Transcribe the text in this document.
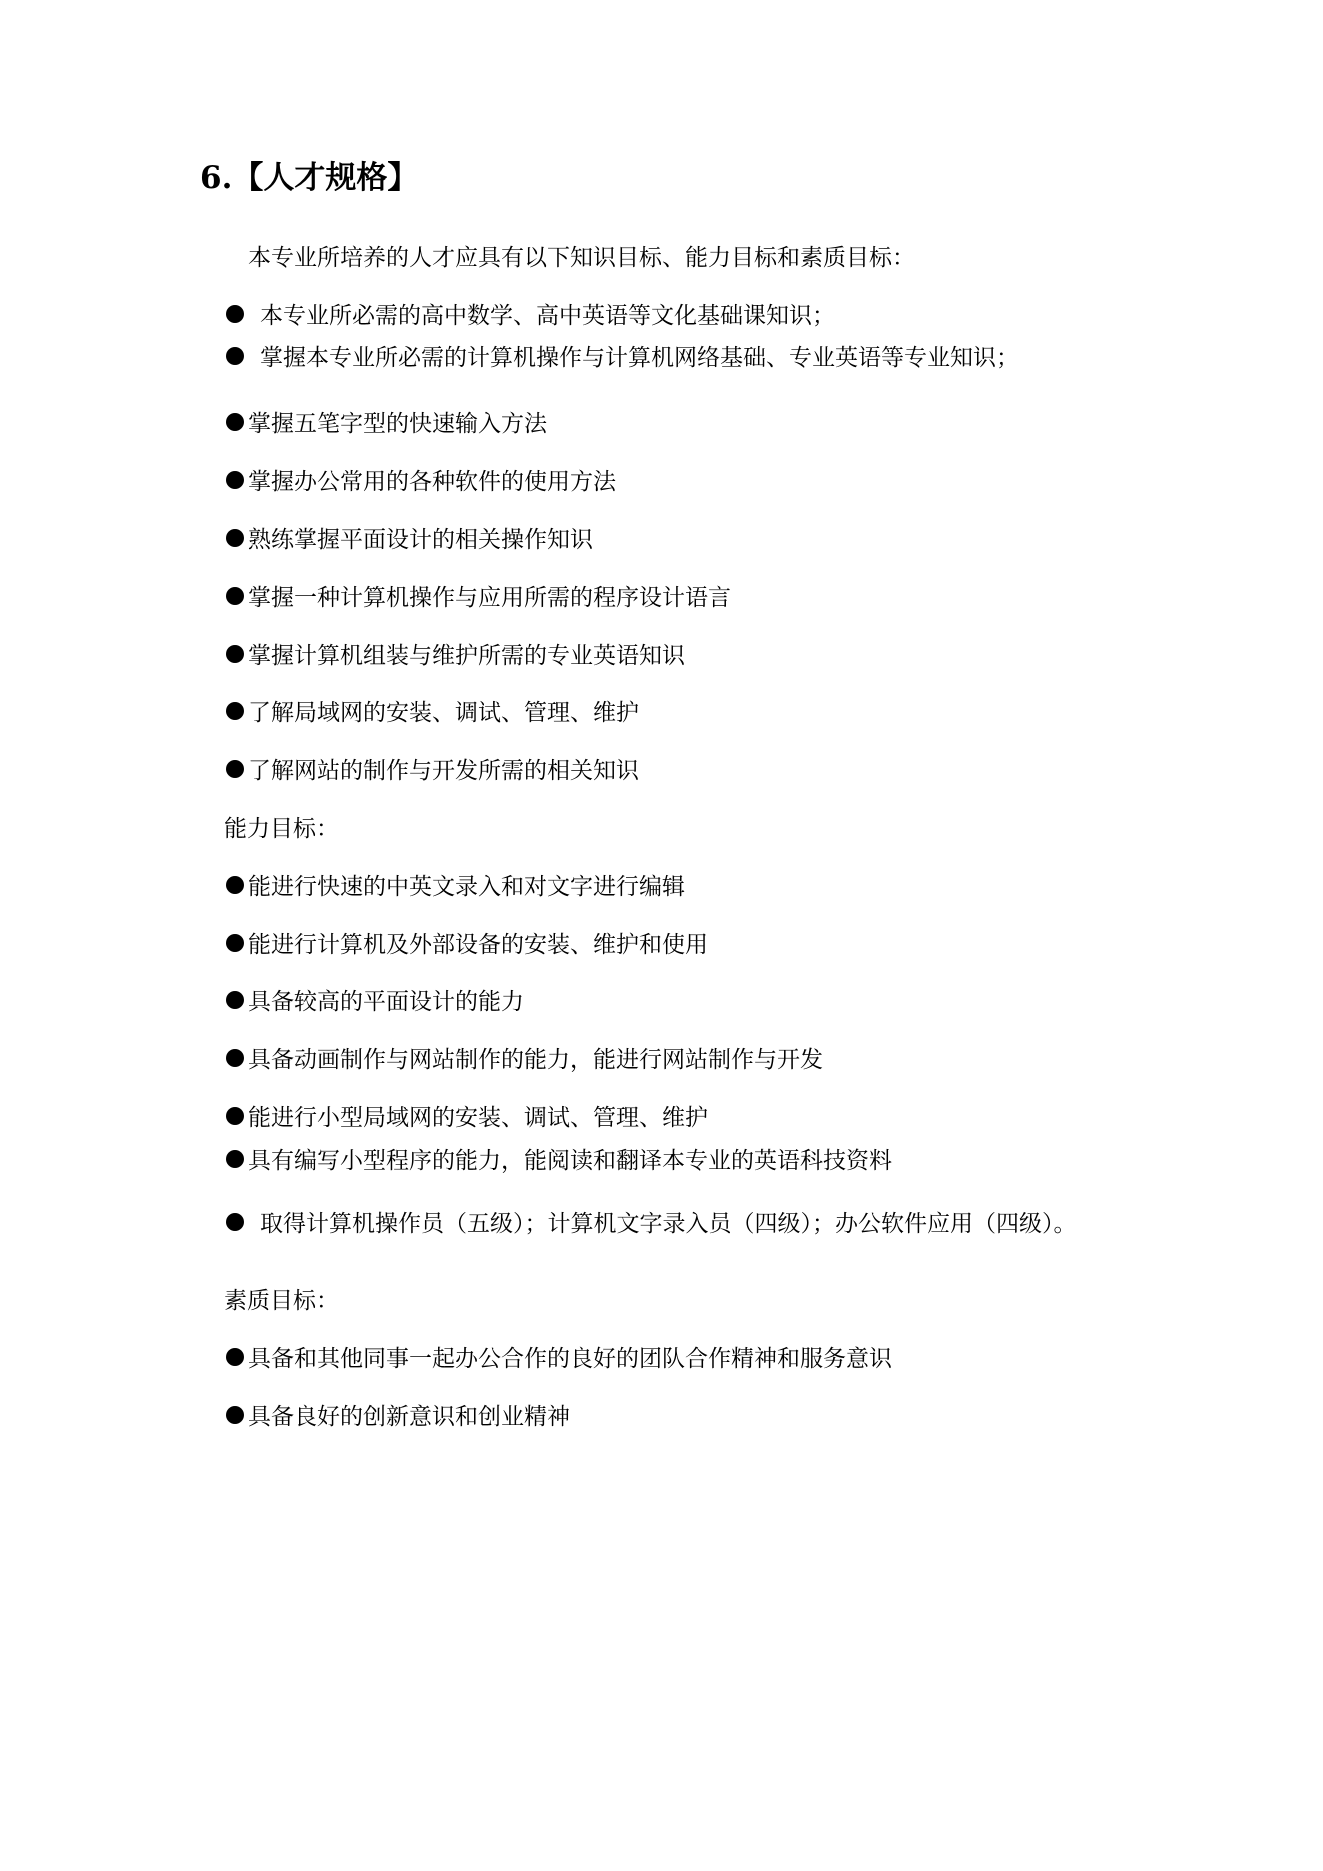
6.【人才规格】
本专业所培养的人才应具有以下知识目标、能力目标和素质目标：
本专业所必需的高中数学、高中英语等文化基础课知识；
掌握本专业所必需的计算机操作与计算机网络基础、专业英语等专业知识；
掌握五笔字型的快速输入方法
掌握办公常用的各种软件的使用方法
熟练掌握平面设计的相关操作知识
掌握一种计算机操作与应用所需的程序设计语言
掌握计算机组装与维护所需的专业英语知识
了解局域网的安装、调试、管理、维护
了解网站的制作与开发所需的相关知识
能力目标：
能进行快速的中英文录入和对文字进行编辑
能进行计算机及外部设备的安装、维护和使用
具备较高的平面设计的能力
具备动画制作与网站制作的能力，能进行网站制作与开发
能进行小型局域网的安装、调试、管理、维护
具有编写小型程序的能力，能阅读和翻译本专业的英语科技资料
取得计算机操作员（五级）；计算机文字录入员（四级）；办公软件应用（四级）。
素质目标：
具备和其他同事一起办公合作的良好的团队合作精神和服务意识
具备良好的创新意识和创业精神
